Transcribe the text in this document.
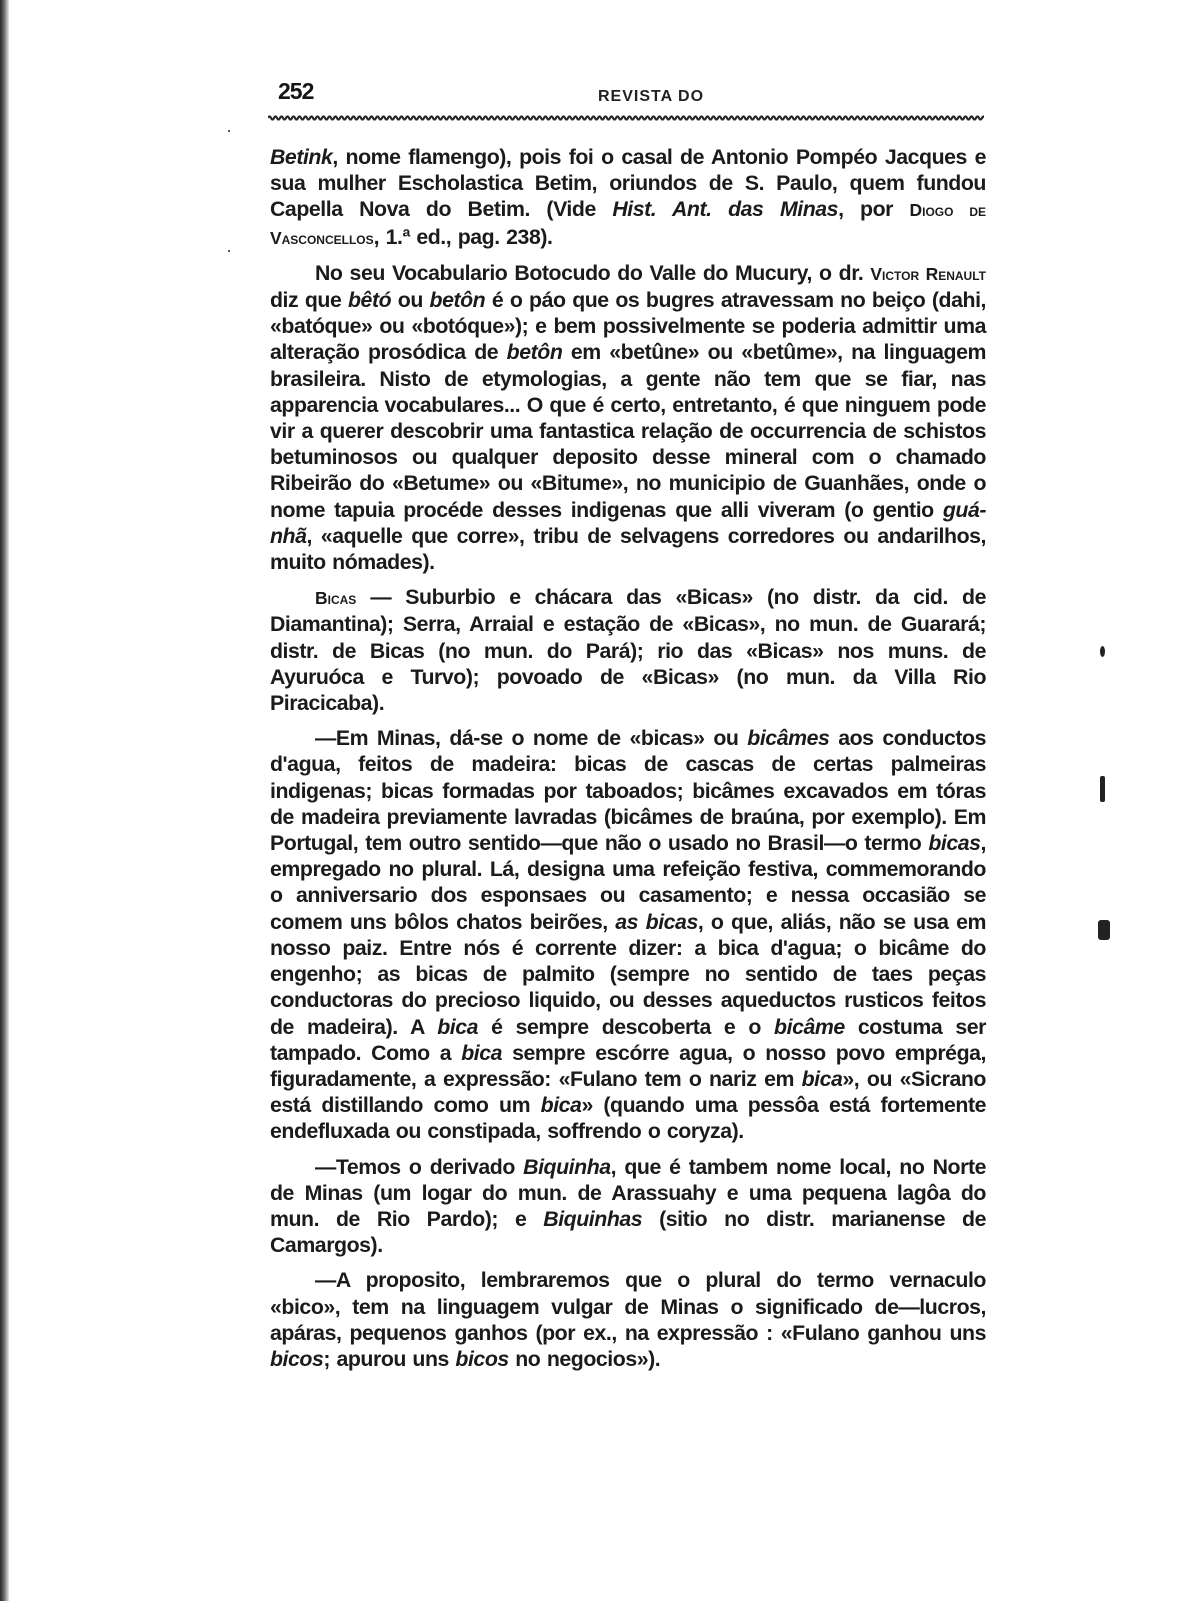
252	REVISTA DO

Betink, nome flamengo), pois foi o casal de Antonio Pompéo Jacques e sua mulher Escholastica Betim, oriundos de S. Paulo, quem fundou Capella Nova do Betim. (Vide Hist. Ant. das Minas, por Diogo de Vasconcellos, 1.ª ed., pag. 238).

No seu Vocabulario Botocudo do Valle do Mucury, o dr. Victor Renault diz que bêtó ou betôn é o páo que os bugres atravessam no beiço (dahi, «batóque» ou «botóque»); e bem possivelmente se poderia admittir uma alteração prosódica de betôn em «betûne» ou «betûme», na linguagem brasileira. Nisto de etymologias, a gente não tem que se fiar, nas apparencia vocabulares... O que é certo, entretanto, é que ninguem pode vir a querer descobrir uma fantastica relação de occurrencia de schistos betuminosos ou qualquer deposito desse mineral com o chamado Ribeirão do «Betume» ou «Bitume», no municipio de Guanhães, onde o nome tapuia procéde desses indigenas que alli viveram (o gentio guá-nhã, «aquelle que corre», tribu de selvagens corredores ou andarilhos, muito nómades).

Bicas — Suburbio e chácara das «Bicas» (no distr. da cid. de Diamantina); Serra, Arraial e estação de «Bicas», no mun. de Guarará; distr. de Bicas (no mun. do Pará); rio das «Bicas» nos muns. de Ayuruóca e Turvo); povoado de «Bicas» (no mun. da Villa Rio Piracicaba).

—Em Minas, dá-se o nome de «bicas» ou bicâmes aos conductos d'agua, feitos de madeira: bicas de cascas de certas palmeiras indigenas; bicas formadas por taboados; bicâmes excavados em tóras de madeira previamente lavradas (bicâmes de braúna, por exemplo). Em Portugal, tem outro sentido—que não o usado no Brasil—o termo bicas, empregado no plural. Lá, designa uma refeição festiva, commemorando o anniversario dos esponsaes ou casamento; e nessa occasião se comem uns bôlos chatos beirões, as bicas, o que, aliás, não se usa em nosso paiz. Entre nós é corrente dizer: a bica d'agua; o bicâme do engenho; as bicas de palmito (sempre no sentido de taes peças conductoras do precioso liquido, ou desses aqueductos rusticos feitos de madeira). A bica é sempre descoberta e o bicâme costuma ser tampado. Como a bica sempre escórre agua, o nosso povo empréga, figuradamente, a expressão: «Fulano tem o nariz em bica», ou «Sicrano está distillando como um bica» (quando uma pessôa está fortemente endefluxada ou constipada, soffrendo o coryza).

—Temos o derivado Biquinha, que é tambem nome local, no Norte de Minas (um logar do mun. de Arassuahy e uma pequena lagôa do mun. de Rio Pardo); e Biquinhas (sitio no distr. marianense de Camargos).

—A proposito, lembraremos que o plural do termo vernaculo «bico», tem na linguagem vulgar de Minas o significado de—lucros, apáras, pequenos ganhos (por ex., na expressão : «Fulano ganhou uns bicos; apurou uns bicos no negocios»).
